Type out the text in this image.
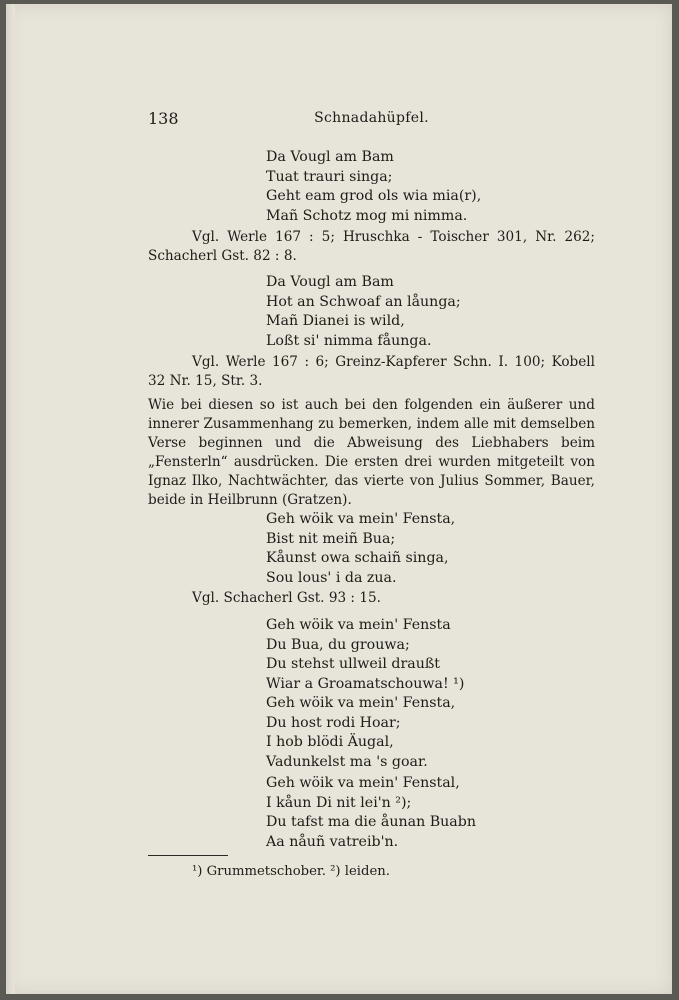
138	Schnadahüpfel.
Da Vougl am Bam
Tuat trauri singa;
Geht eam grod ols wia mia(r),
Mañ Schotz mog mi nimma.
Vgl. Werle 167 : 5; Hruschka - Toischer 301, Nr. 262; Schacherl Gst. 82 : 8.
Da Vougl am Bam
Hot an Schwoaf an låunga;
Mañ Dianei is wild,
Loßt si' nimma fåunga.
Vgl. Werle 167 : 6; Greinz-Kapferer Schn. I. 100; Kobell 32 Nr. 15, Str. 3.
Wie bei diesen so ist auch bei den folgenden ein äußerer und innerer Zusammenhang zu bemerken, indem alle mit demselben Verse beginnen und die Abweisung des Liebhabers beim „Fensterln“ ausdrücken. Die ersten drei wurden mitgeteilt von Ignaz Ilko, Nachtwächter, das vierte von Julius Sommer, Bauer, beide in Heilbrunn (Gratzen).
Geh wöik va mein' Fensta,
Bist nit meiñ Bua;
Kåunst owa schaiñ singa,
Sou lous' i da zua.
Vgl. Schacherl Gst. 93 : 15.
Geh wöik va mein' Fensta
Du Bua, du grouwa;
Du stehst ullweil draußt
Wiar a Groamatschouwa! ¹)
Geh wöik va mein' Fensta,
Du host rodi Hoar;
I hob blödi Äugal,
Vadunkelst ma 's goar.
Geh wöik va mein' Fenstal,
I kåun Di nit lei'n ²);
Du tafst ma die åunan Buabn
Aa nåuñ vatreib'n.
¹) Grummetschober. ²) leiden.
